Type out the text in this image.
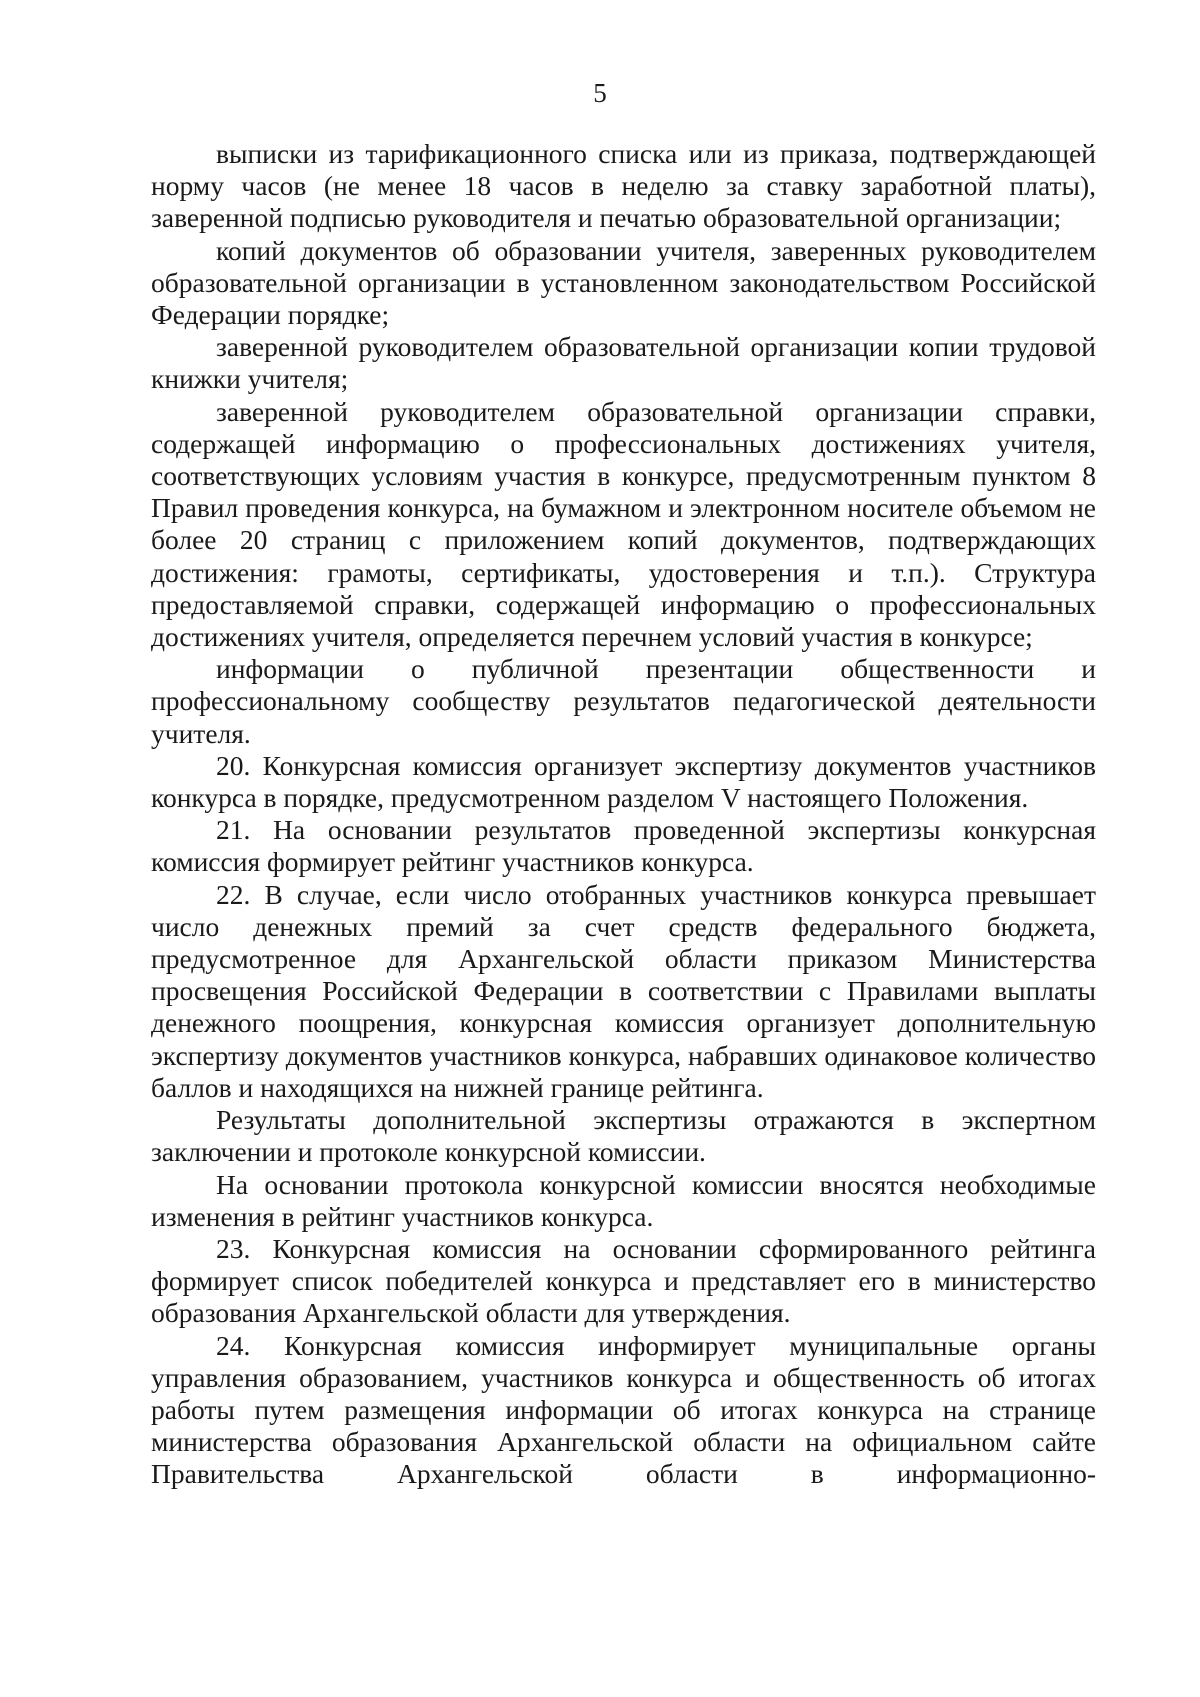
5

выписки из тарификационного списка или из приказа, подтверждающей норму часов (не менее 18 часов в неделю за ставку заработной платы), заверенной подписью руководителя и печатью образовательной организации;

копий документов об образовании учителя, заверенных руководителем образовательной организации в установленном законодательством Российской Федерации порядке;

заверенной руководителем образовательной организации копии трудовой книжки учителя;

заверенной руководителем образовательной организации справки, содержащей информацию о профессиональных достижениях учителя, соответствующих условиям участия в конкурсе, предусмотренным пунктом 8 Правил проведения конкурса, на бумажном и электронном носителе объемом не более 20 страниц с приложением копий документов, подтверждающих достижения: грамоты, сертификаты, удостоверения и т.п.). Структура предоставляемой справки, содержащей информацию о профессиональных достижениях учителя, определяется перечнем условий участия в конкурсе;

информации о публичной презентации общественности и профессиональному сообществу результатов педагогической деятельности учителя.

20. Конкурсная комиссия организует экспертизу документов участников конкурса в порядке, предусмотренном разделом V настоящего Положения.

21. На основании результатов проведенной экспертизы конкурсная комиссия формирует рейтинг участников конкурса.

22. В случае, если число отобранных участников конкурса превышает число денежных премий за счет средств федерального бюджета, предусмотренное для Архангельской области приказом Министерства просвещения Российской Федерации в соответствии с Правилами выплаты денежного поощрения, конкурсная комиссия организует дополнительную экспертизу документов участников конкурса, набравших одинаковое количество баллов и находящихся на нижней границе рейтинга.

Результаты дополнительной экспертизы отражаются в экспертном заключении и протоколе конкурсной комиссии.

На основании протокола конкурсной комиссии вносятся необходимые изменения в рейтинг участников конкурса.

23. Конкурсная комиссия на основании сформированного рейтинга формирует список победителей конкурса и представляет его в министерство образования Архангельской области для утверждения.

24. Конкурсная комиссия информирует муниципальные органы управления образованием, участников конкурса и общественность об итогах работы путем размещения информации об итогах конкурса на странице министерства образования Архангельской области на официальном сайте Правительства Архангельской области в информационно-
